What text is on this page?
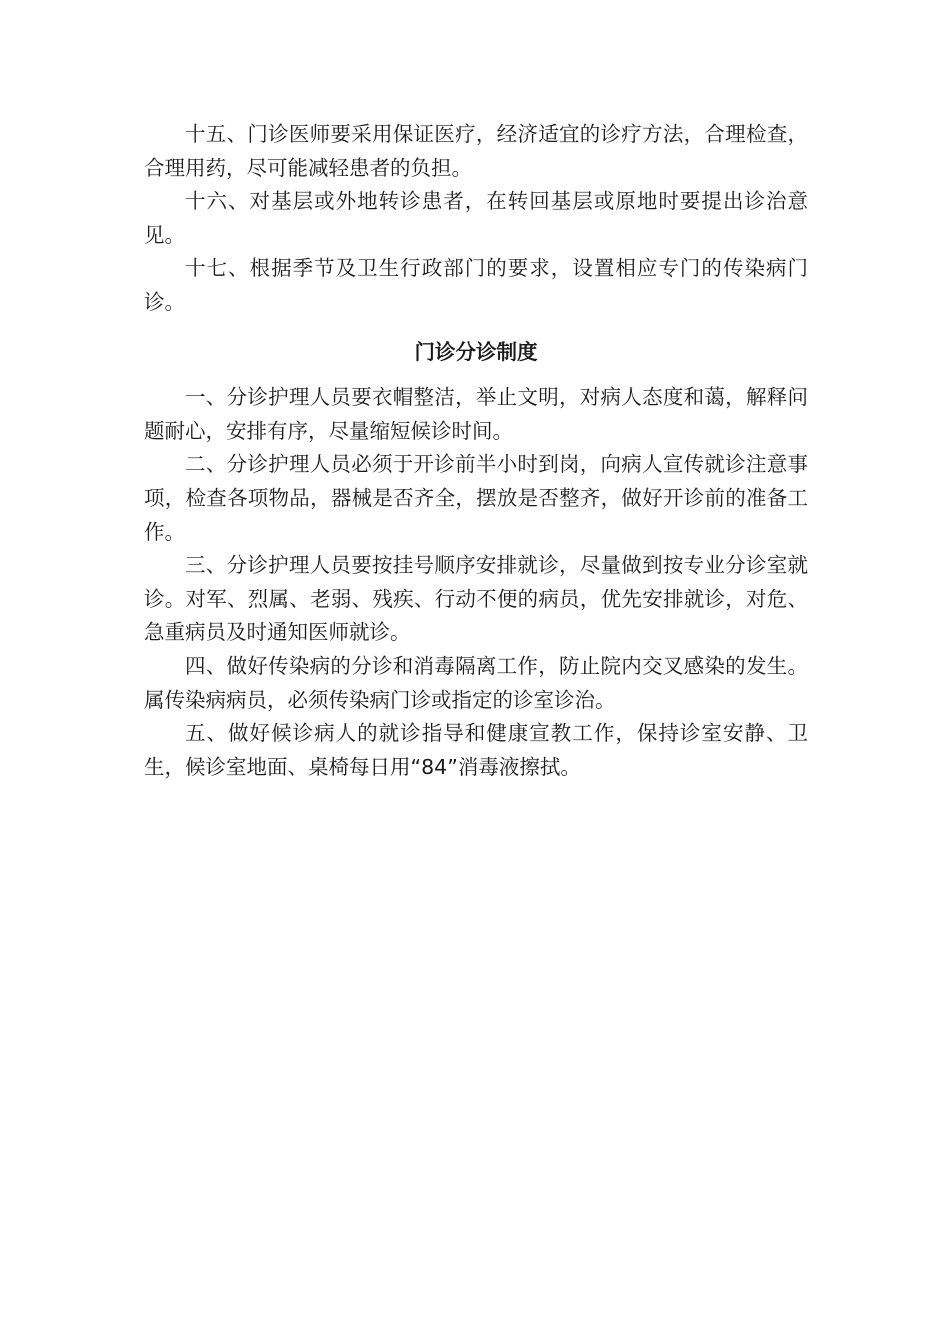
十五、门诊医师要采用保证医疗，经济适宜的诊疗方法，合理检查，合理用药，尽可能减轻患者的负担。

十六、对基层或外地转诊患者，在转回基层或原地时要提出诊治意见。

十七、根据季节及卫生行政部门的要求，设置相应专门的传染病门诊。

门诊分诊制度

一、分诊护理人员要衣帽整洁，举止文明，对病人态度和蔼，解释问题耐心，安排有序，尽量缩短候诊时间。

二、分诊护理人员必须于开诊前半小时到岗，向病人宣传就诊注意事项，检查各项物品，器械是否齐全，摆放是否整齐，做好开诊前的准备工作。

三、分诊护理人员要按挂号顺序安排就诊，尽量做到按专业分诊室就诊。对军、烈属、老弱、残疾、行动不便的病员，优先安排就诊，对危、急重病员及时通知医师就诊。

四、做好传染病的分诊和消毒隔离工作，防止院内交叉感染的发生。属传染病病员，必须传染病门诊或指定的诊室诊治。

五、做好候诊病人的就诊指导和健康宣教工作，保持诊室安静、卫生，候诊室地面、桌椅每日用“84”消毒液擦拭。
